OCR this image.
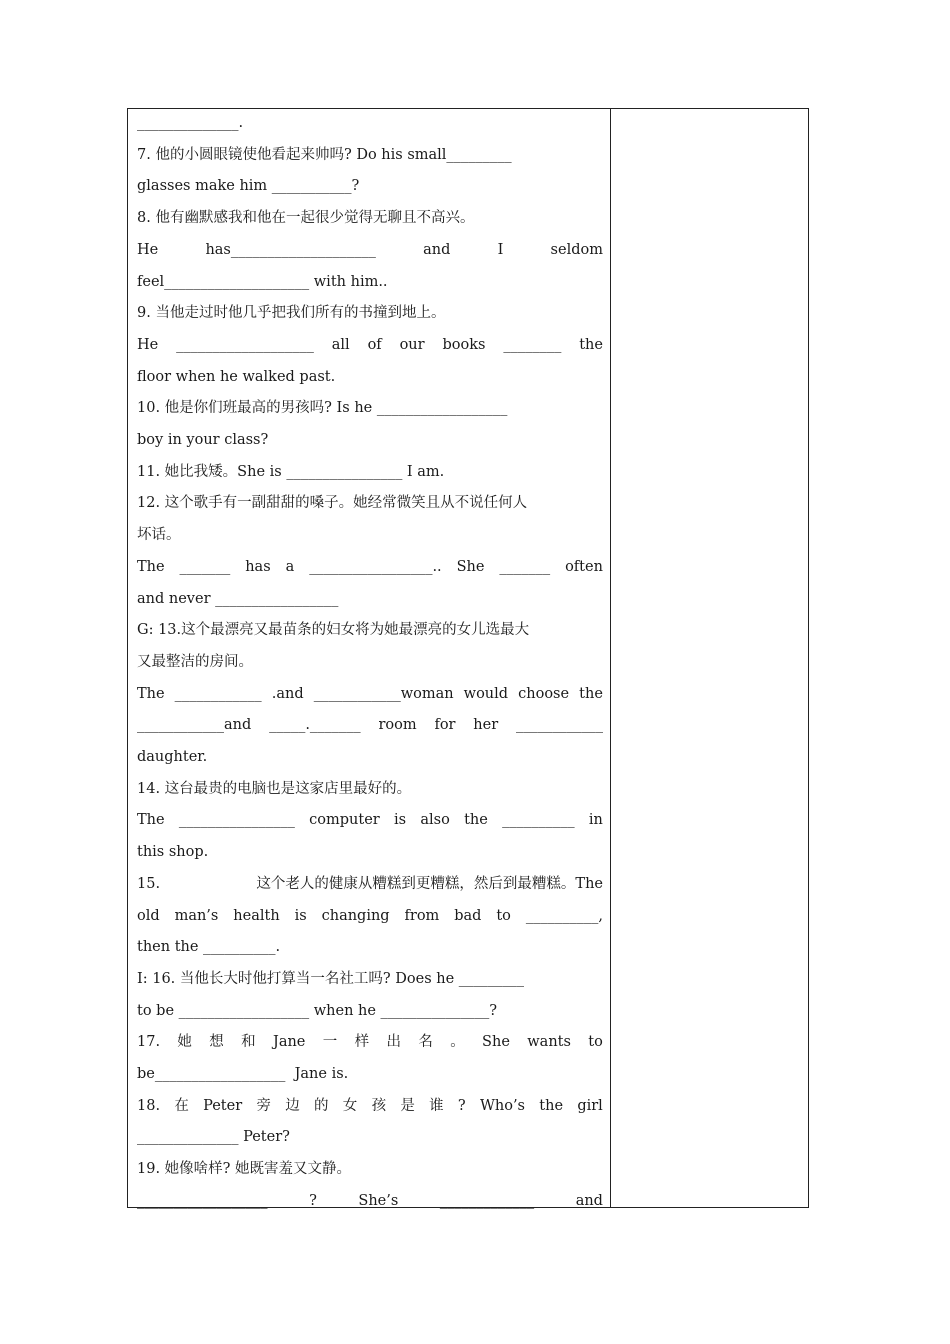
______________.
7. 他的小圆眼镜使他看起来帅吗? Do his small_________
glasses make him ___________?
8. 他有幽默感我和他在一起很少觉得无聊且不高兴。
He	has____________________	and	I	seldom
feel____________________ with him..
9. 当他走过时他几乎把我们所有的书撞到地上。
He ___________________ all of our books ________ the
floor when he walked past.
10. 他是你们班最高的男孩吗? Is he __________________
boy in your class?
11. 她比我矮。She is ________________ I am.
12. 这个歌手有一副甜甜的嗓子。她经常微笑且从不说任何人
坏话。
The _______ has a _________________.. She _______ often
and never _________________
G: 13.这个最漂亮又最苗条的妇女将为她最漂亮的女儿选最大
又最整洁的房间。
The ____________ .and ____________woman would choose the
____________and _____._______ room for her ____________
daughter.
14. 这台最贵的电脑也是这家店里最好的。
The ________________ computer is also the __________ in
this shop.
15.	这个老人的健康从糟糕到更糟糕，然后到最糟糕。The
old man’s health is changing from bad to __________,
then the __________.
I: 16. 当他长大时他打算当一名社工吗? Does he _________
to be __________________ when he _______________?
17. 她 想 和 Jane 一 样 出 名 。 She wants to
be__________________  Jane is.
18. 在 Peter 旁 边 的 女 孩 是 谁 ? Who’s the girl
______________ Peter?
19. 她像啥样? 她既害羞又文静。
__________________	?	She’s	_____________	and
